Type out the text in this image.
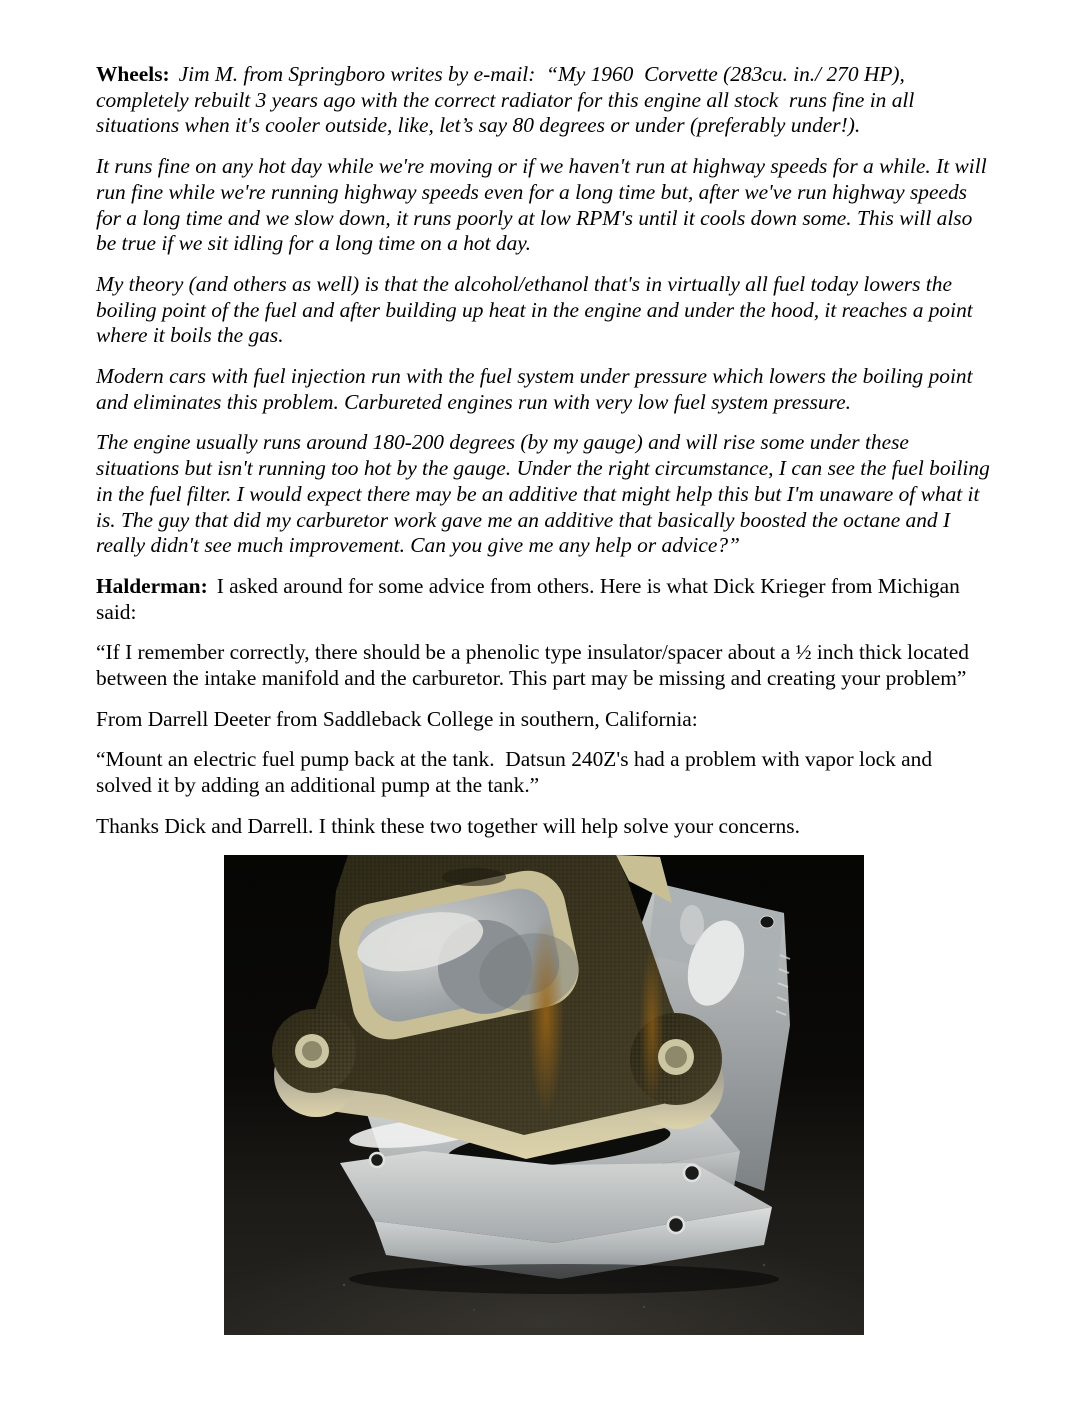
Wheels: Jim M. from Springboro writes by e-mail:  “My 1960  Corvette (283cu. in./ 270 HP), completely rebuilt 3 years ago with the correct radiator for this engine all stock  runs fine in all situations when it's cooler outside, like, let’s say 80 degrees or under (preferably under!).

It runs fine on any hot day while we're moving or if we haven't run at highway speeds for a while. It will run fine while we're running highway speeds even for a long time but, after we've run highway speeds for a long time and we slow down, it runs poorly at low RPM's until it cools down some. This will also be true if we sit idling for a long time on a hot day.

My theory (and others as well) is that the alcohol/ethanol that's in virtually all fuel today lowers the boiling point of the fuel and after building up heat in the engine and under the hood, it reaches a point where it boils the gas.

Modern cars with fuel injection run with the fuel system under pressure which lowers the boiling point and eliminates this problem. Carbureted engines run with very low fuel system pressure.

The engine usually runs around 180-200 degrees (by my gauge) and will rise some under these situations but isn't running too hot by the gauge. Under the right circumstance, I can see the fuel boiling in the fuel filter. I would expect there may be an additive that might help this but I'm unaware of what it is. The guy that did my carburetor work gave me an additive that basically boosted the octane and I really didn't see much improvement. Can you give me any help or advice?”

Halderman: I asked around for some advice from others. Here is what Dick Krieger from Michigan said:

“If I remember correctly, there should be a phenolic type insulator/spacer about a ½ inch thick located between the intake manifold and the carburetor. This part may be missing and creating your problem”

From Darrell Deeter from Saddleback College in southern, California:

“Mount an electric fuel pump back at the tank.  Datsun 240Z's had a problem with vapor lock and solved it by adding an additional pump at the tank.”

Thanks Dick and Darrell. I think these two together will help solve your concerns.
